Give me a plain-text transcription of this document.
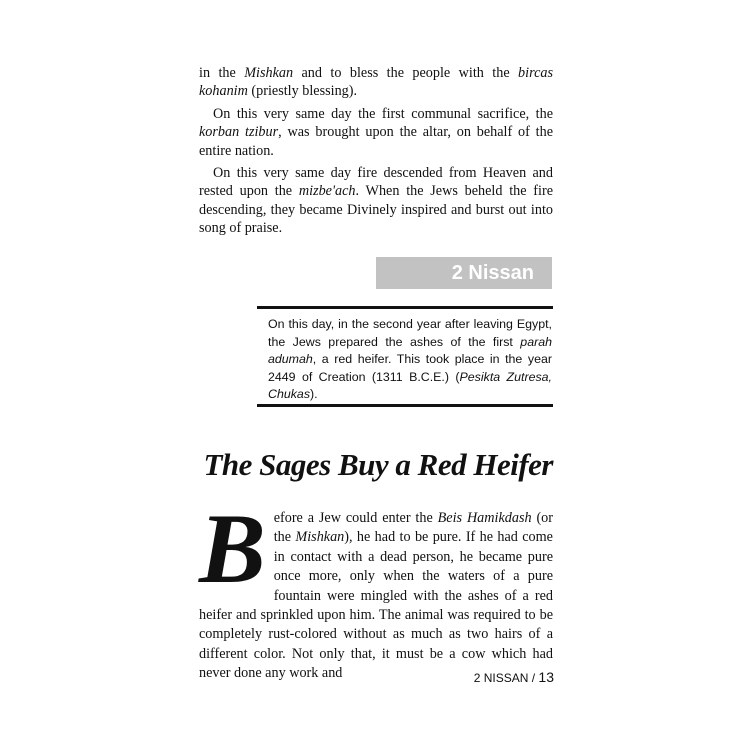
in the Mishkan and to bless the people with the bircas kohanim (priestly blessing).

On this very same day the first communal sacrifice, the korban tzibur, was brought upon the altar, on behalf of the entire nation.

On this very same day fire descended from Heaven and rested upon the mizbe'ach. When the Jews beheld the fire descending, they became Divinely inspired and burst out into song of praise.

2 Nissan
On this day, in the second year after leaving Egypt, the Jews prepared the ashes of the first parah adumah, a red heifer. This took place in the year 2449 of Creation (1311 B.C.E.) (Pesikta Zutresa, Chukas).
The Sages Buy a Red Heifer
Before a Jew could enter the Beis Hamikdash (or the Mishkan), he had to be pure. If he had come in contact with a dead person, he became pure once more, only when the waters of a pure fountain were mingled with the ashes of a red heifer and sprinkled upon him. The animal was required to be completely rust-colored without as much as two hairs of a different color. Not only that, it must be a cow which had never done any work and	2 NISSAN / 13
